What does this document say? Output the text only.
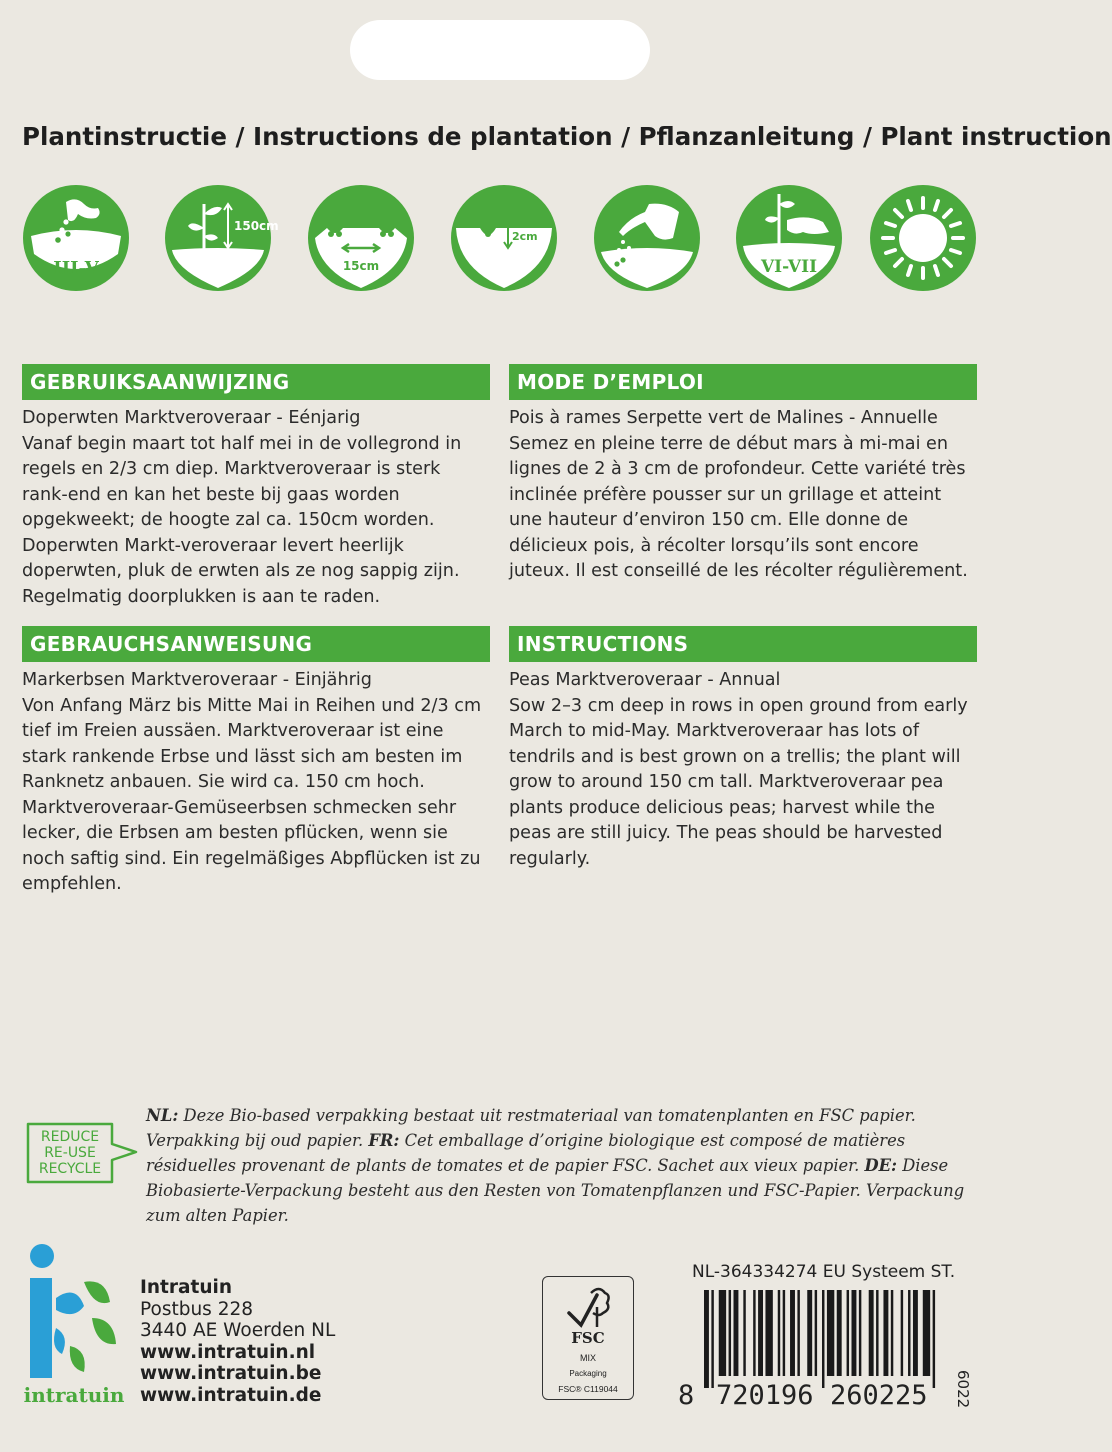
Plantinstructie / Instructions de plantation / Pflanzanleitung / Plant instruction
III-V
150cm
15cm
2cm
VI-VII
GEBRUIKSAANWIJZING
Doperwten Marktveroveraar - Eénjarig
Vanaf begin maart tot half mei in de vollegrond in regels en 2/3 cm diep. Marktveroveraar is sterk rank-end en kan het beste bij gaas worden opgekweekt; de hoogte zal ca. 150cm worden. Doperwten Markt-veroveraar levert heerlijk doperwten, pluk de erwten als ze nog sappig zijn. Regelmatig doorplukken is aan te raden.
MODE D’EMPLOI
Pois à rames Serpette vert de Malines - Annuelle
Semez en pleine terre de début mars à mi-mai en lignes de 2 à 3 cm de profondeur. Cette variété très inclinée préfère pousser sur un grillage et atteint une hauteur d’environ 150 cm. Elle donne de délicieux pois, à récolter lorsqu’ils sont encore juteux. Il est conseillé de les récolter régulièrement.
GEBRAUCHSANWEISUNG
Markerbsen Marktveroveraar - Einjährig
Von Anfang März bis Mitte Mai in Reihen und 2/3 cm tief im Freien aussäen. Marktveroveraar ist eine stark rankende Erbse und lässt sich am besten im Ranknetz anbauen. Sie wird ca. 150 cm hoch. Marktveroveraar-Gemüseerbsen schmecken sehr lecker, die Erbsen am besten pflücken, wenn sie noch saftig sind. Ein regelmäßiges Abpflücken ist zu empfehlen.
INSTRUCTIONS
Peas Marktveroveraar - Annual
Sow 2–3 cm deep in rows in open ground from early March to mid-May. Marktveroveraar has lots of tendrils and is best grown on a trellis; the plant will grow to around 150 cm tall. Marktveroveraar pea plants produce delicious peas; harvest while the peas are still juicy. The peas should be harvested regularly.
REDUCE
RE-USE
RECYCLE
NL: Deze Bio-based verpakking bestaat uit restmateriaal van tomatenplanten en FSC papier. Verpakking bij oud papier. FR: Cet emballage d’origine biologique est composé de matières résiduelles provenant de plants de tomates et de papier FSC. Sachet aux vieux papier. DE: Diese Biobasierte-Verpackung besteht aus den Resten von Tomatenpflanzen und FSC-Papier. Verpackung zum alten Papier.
intratuin
Intratuin
Postbus 228
3440 AE Woerden NL
www.intratuin.nl
www.intratuin.be
www.intratuin.de
FSC
MIX
Packaging
FSC® C119044
NL-364334274 EU Systeem ST.
8 720196 260225 6022
